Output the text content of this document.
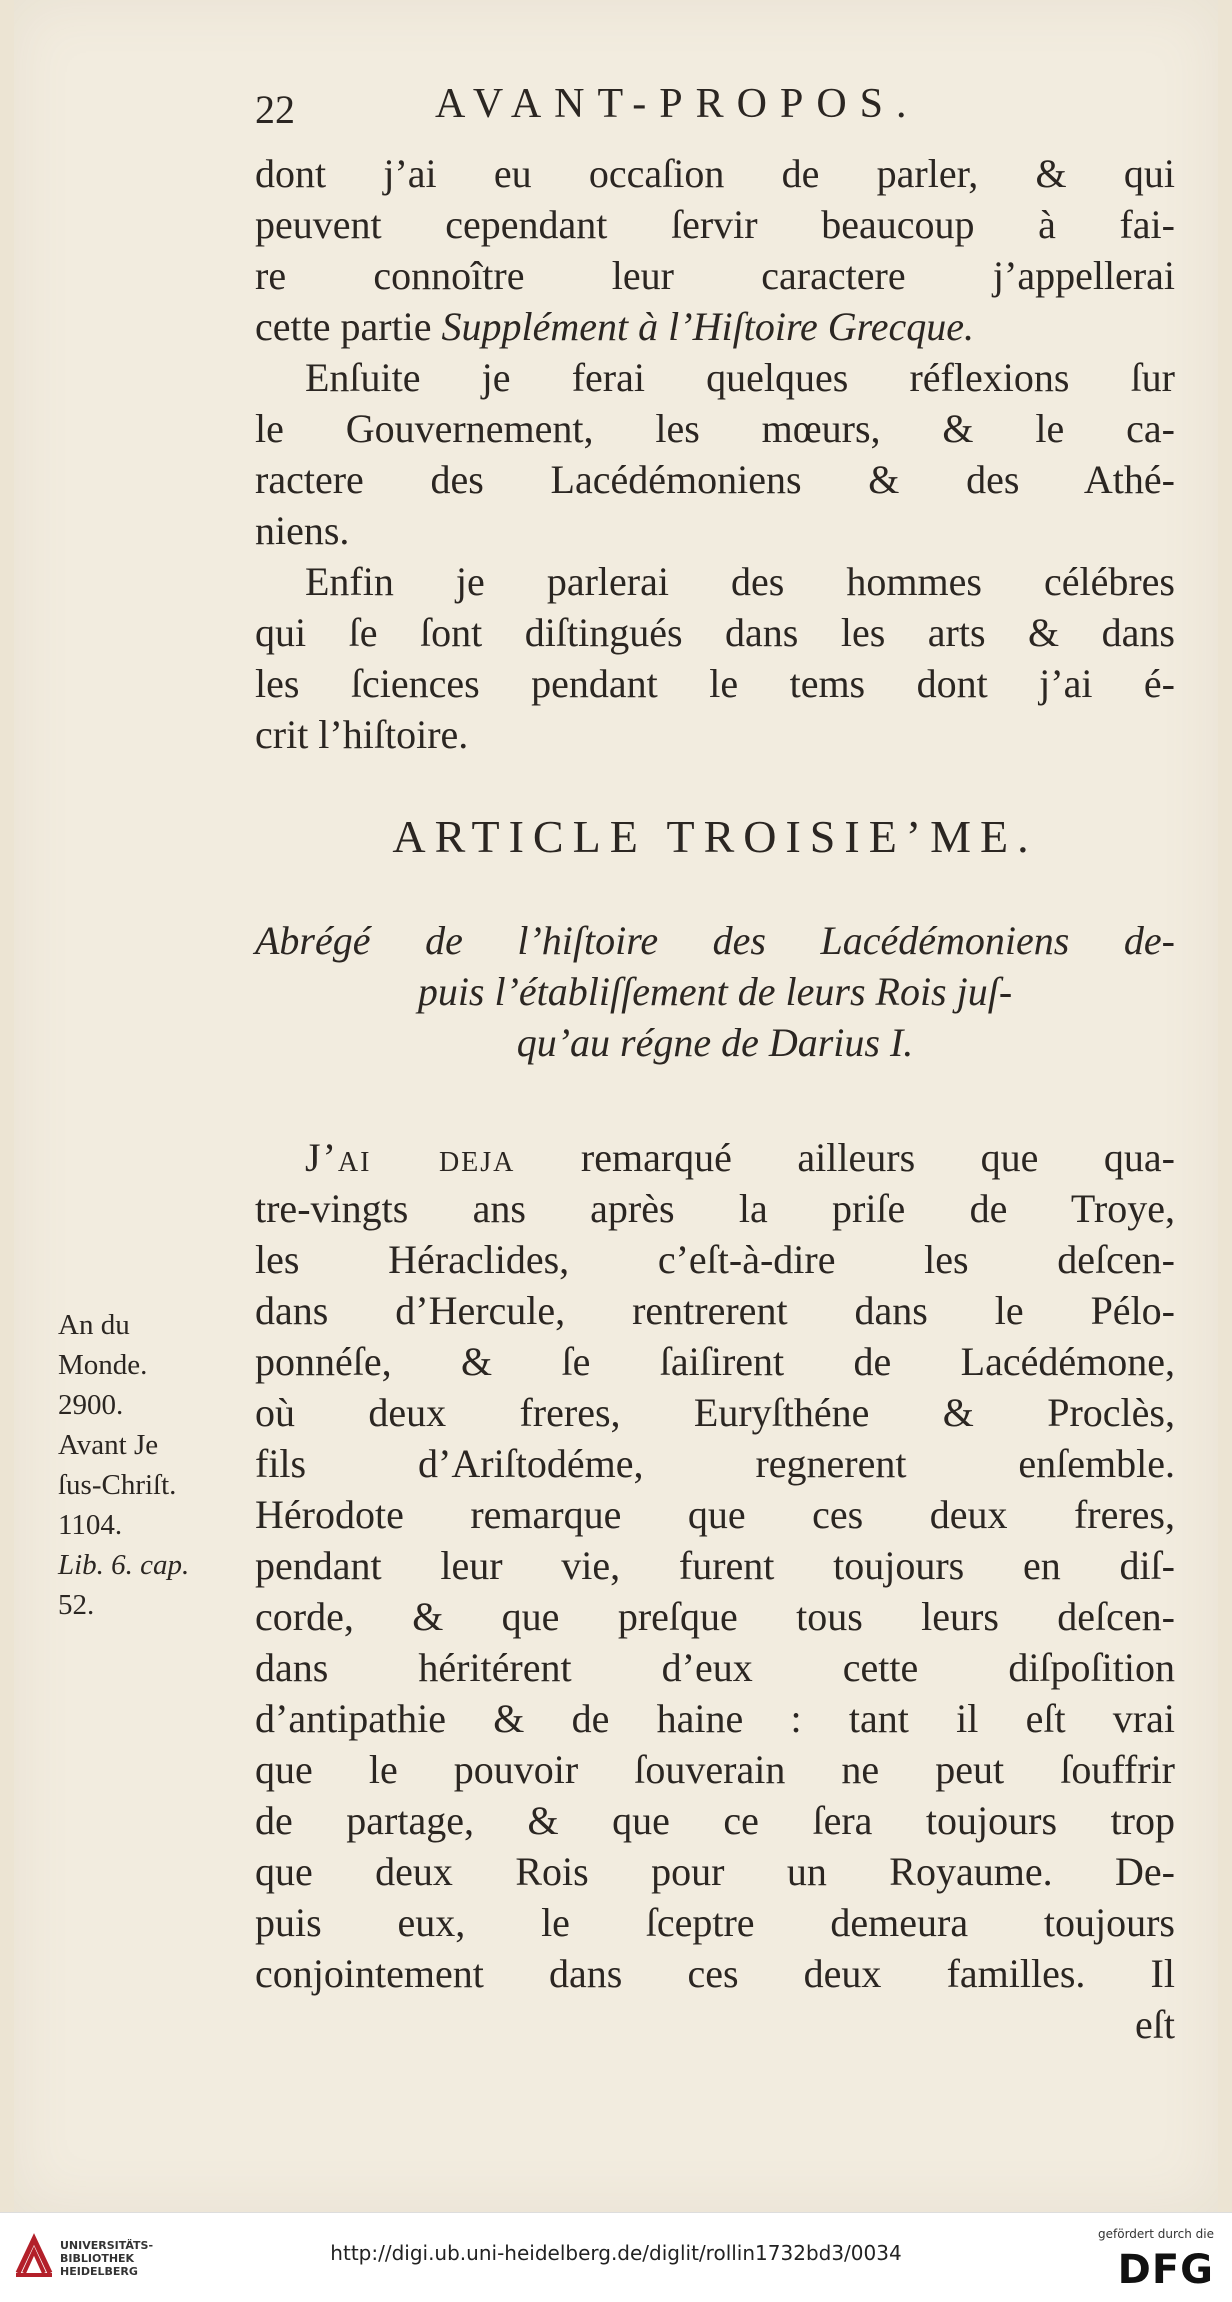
22	AVANT-PROPOS.
dont j’ai eu occaſion de parler, & qui
peuvent cependant ſervir beaucoup à fai-
re connoître leur caractere j’appellerai
cette partie Supplément à l’Hiſtoire Grecque.
Enſuite je ferai quelques réflexions ſur
le Gouvernement, les mœurs, & le ca-
ractere des Lacédémoniens & des Athé-
niens.
Enfin je parlerai des hommes célébres
qui ſe ſont diſtingués dans les arts & dans
les ſciences pendant le tems dont j’ai é-
crit l’hiſtoire.
ARTICLE TROISIE’ME.
Abrégé de l’hiſtoire des Lacédémoniens de-
puis l’établiſſement de leurs Rois juſ-
qu’au régne de Darius I.
J’ai deja remarqué ailleurs que qua-
tre-vingts ans après la priſe de Troye,
les Héraclides, c’eſt-à-dire les deſcen-
dans d’Hercule, rentrerent dans le Pélo-
ponnéſe, & ſe ſaiſirent de Lacédémone,
où deux freres, Euryſthéne & Proclès,
fils d’Ariſtodéme, regnerent enſemble.
Hérodote remarque que ces deux freres,
pendant leur vie, furent toujours en diſ-
corde, & que preſque tous leurs deſcen-
dans héritérent d’eux cette diſpoſition
d’antipathie & de haine : tant il eſt vrai
que le pouvoir ſouverain ne peut ſouffrir
de partage, & que ce ſera toujours trop
que deux Rois pour un Royaume. De-
puis eux, le ſceptre demeura toujours
conjointement dans ces deux familles. Il
eſt
An du
Monde.
2900.
Avant Je
ſus-Chriſt.
1104.
Lib. 6. cap.
52.
UNIVERSITÄTS-
BIBLIOTHEK
HEIDELBERG
http://digi.ub.uni-heidelberg.de/diglit/rollin1732bd3/0034
gefördert durch die
DFG
